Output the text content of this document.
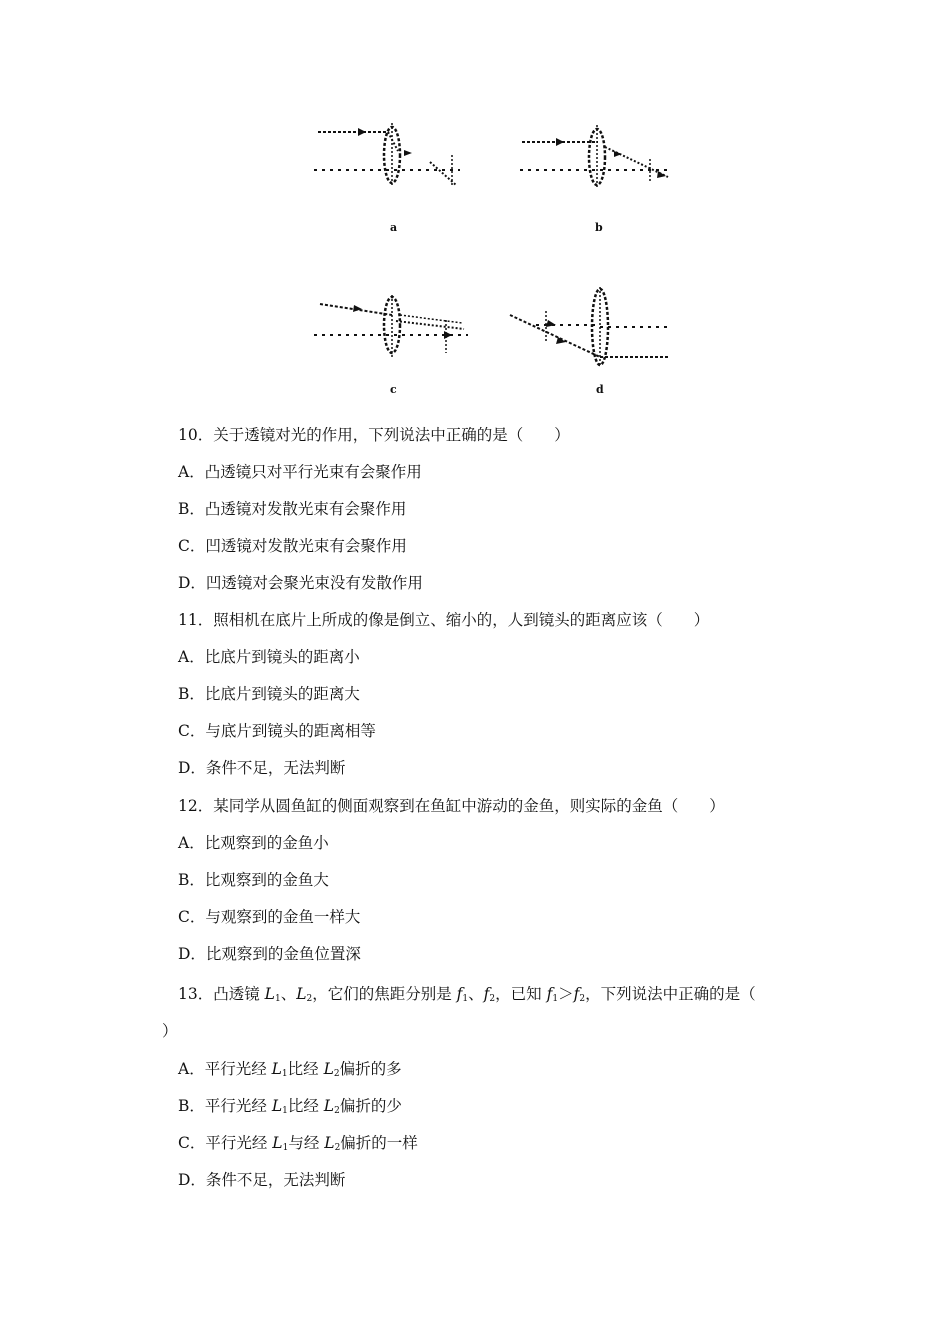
a	b
c	d
10．关于透镜对光的作用，下列说法中正确的是（　　）
A．凸透镜只对平行光束有会聚作用
B．凸透镜对发散光束有会聚作用
C．凹透镜对发散光束有会聚作用
D．凹透镜对会聚光束没有发散作用
11．照相机在底片上所成的像是倒立、缩小的，人到镜头的距离应该（　　）
A．比底片到镜头的距离小
B．比底片到镜头的距离大
C．与底片到镜头的距离相等
D．条件不足，无法判断
12．某同学从圆鱼缸的侧面观察到在鱼缸中游动的金鱼，则实际的金鱼（　　）
A．比观察到的金鱼小
B．比观察到的金鱼大
C．与观察到的金鱼一样大
D．比观察到的金鱼位置深
13．凸透镜 $L_1$、$L_2$，它们的焦距分别是 $f_1$、$f_2$，已知 $f_1>f_2$，下列说法中正确的是（
）
A．平行光经 $L_1$比经 $L_2$偏折的多
B．平行光经 $L_1$比经 $L_2$偏折的少
C．平行光经 $L_1$与经 $L_2$偏折的一样
D．条件不足，无法判断
